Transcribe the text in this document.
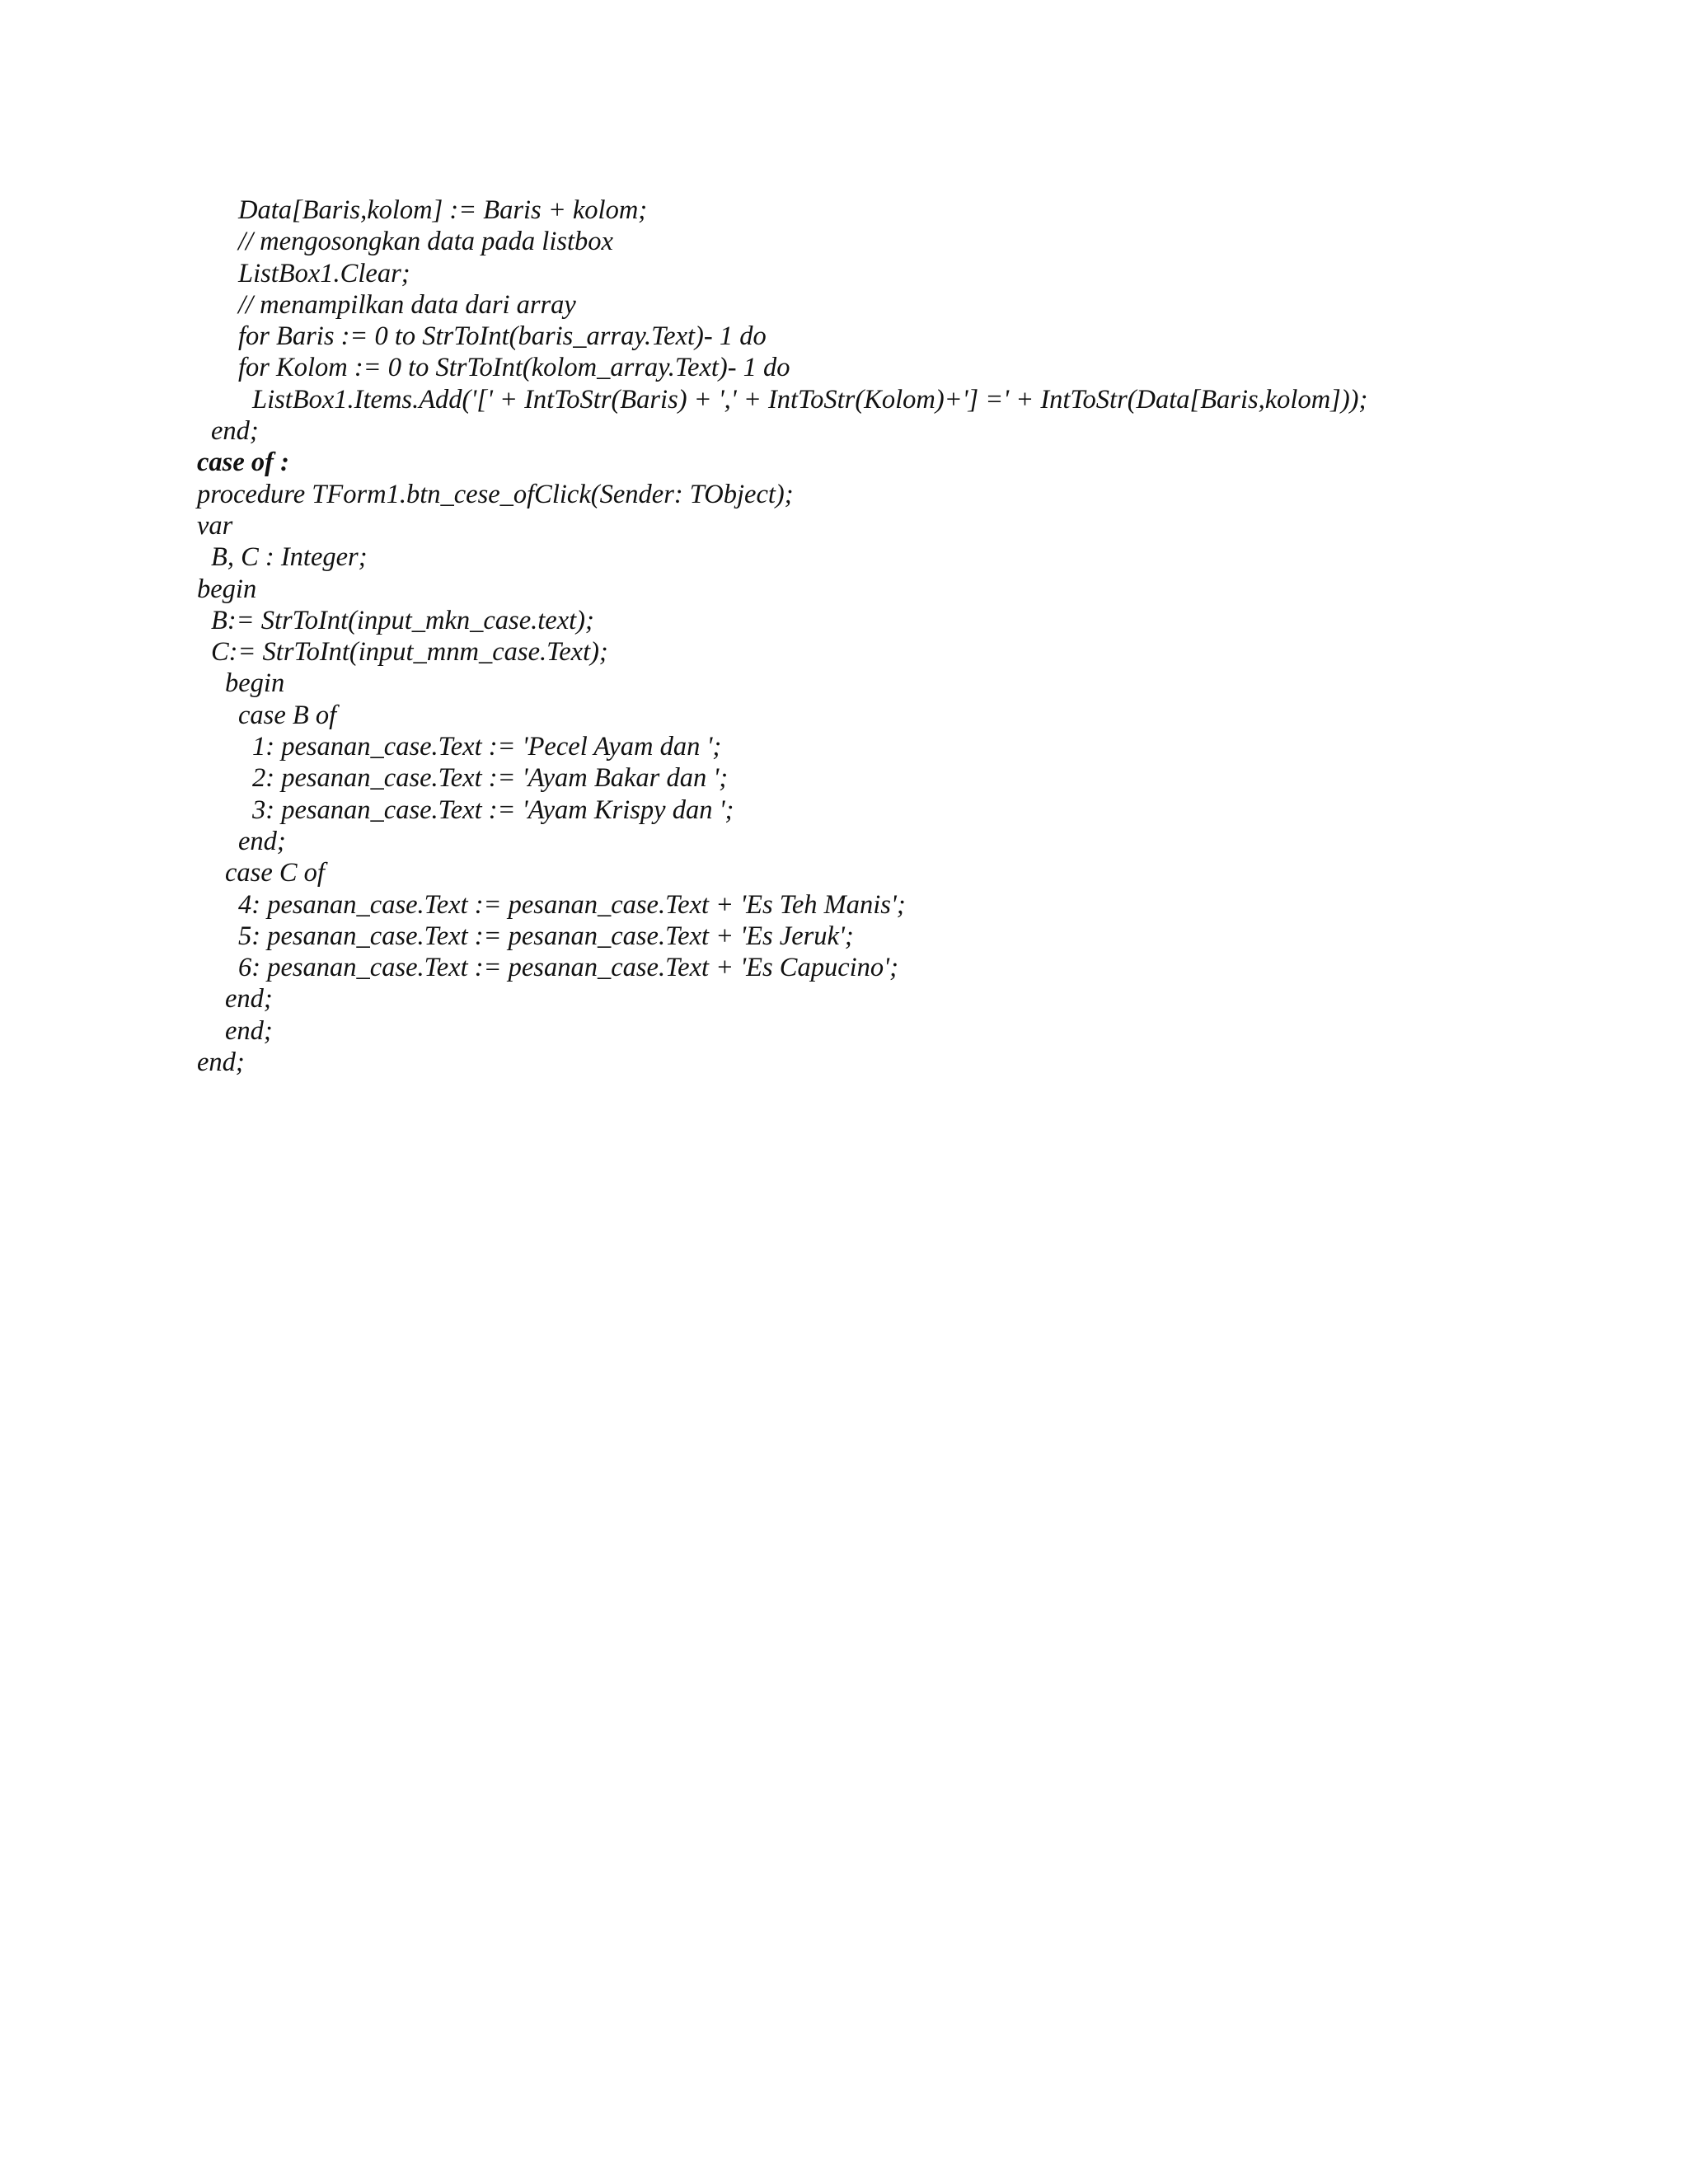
Data[Baris,kolom] := Baris + kolom;
// mengosongkan data pada listbox
ListBox1.Clear;
// menampilkan data dari array
for Baris := 0 to StrToInt(baris_array.Text)- 1 do
for Kolom := 0 to StrToInt(kolom_array.Text)- 1 do
ListBox1.Items.Add('[' + IntToStr(Baris) + ',' + IntToStr(Kolom)+'] =' + IntToStr(Data[Baris,kolom]));
end;
case of :
procedure TForm1.btn_cese_ofClick(Sender: TObject);
var
B, C : Integer;
begin
B:= StrToInt(input_mkn_case.text);
C:= StrToInt(input_mnm_case.Text);
begin
case B of
1: pesanan_case.Text := 'Pecel Ayam dan ';
2: pesanan_case.Text := 'Ayam Bakar dan ';
3: pesanan_case.Text := 'Ayam Krispy dan ';
end;
case C of
4: pesanan_case.Text := pesanan_case.Text + 'Es Teh Manis';
5: pesanan_case.Text := pesanan_case.Text + 'Es Jeruk';
6: pesanan_case.Text := pesanan_case.Text + 'Es Capucino';
end;
end;
end;
